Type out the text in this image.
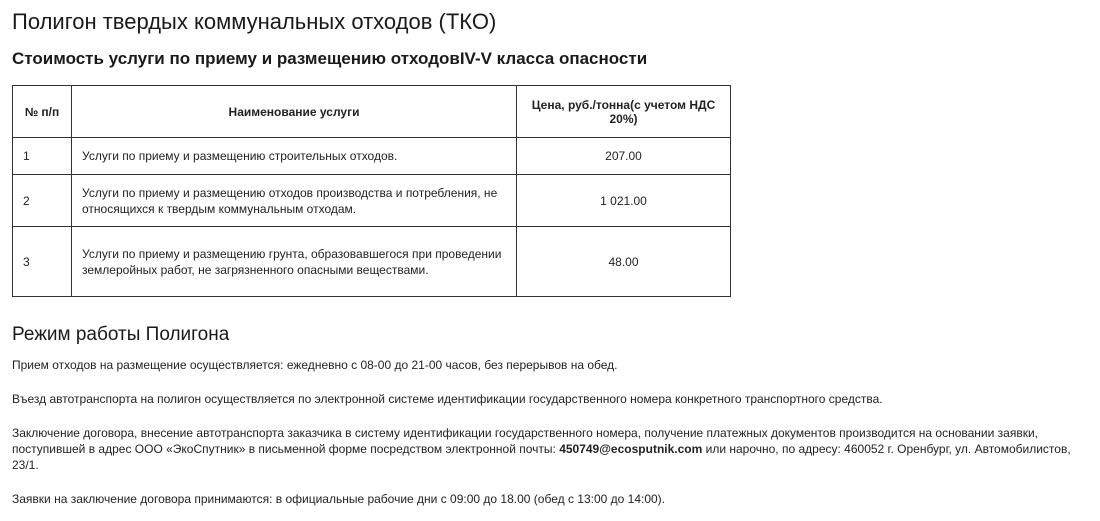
Полигон твердых коммунальных отходов (ТКО)
Стоимость услуги по приему и размещению отходовIV-V класса опасности
№ п/п	Наименование услуги	Цена, руб./тонна(с учетом НДС 20%)
1	Услуги по приему и размещению строительных отходов.	207.00
2	Услуги по приему и размещению отходов производства и потребления, не относящихся к твердым коммунальным отходам.	1 021.00
3	Услуги по приему и размещению грунта, образовавшегося при проведении землеройных работ, не загрязненного опасными веществами.	48.00
Режим работы Полигона

Прием отходов на размещение осуществляется: ежедневно с 08-00 до 21-00 часов, без перерывов на обед.

Въезд автотранспорта на полигон осуществляется по электронной системе идентификации государственного номера конкретного транспортного средства.

Заключение договора, внесение автотранспорта заказчика в систему идентификации государственного номера, получение платежных документов производится на основании заявки, поступившей в адрес ООО «ЭкоСпутник» в письменной форме посредством электронной почты: 450749@ecosputnik.com или нарочно, по адресу: 460052 г. Оренбург, ул. Автомобилистов, 23/1.

Заявки на заключение договора принимаются: в официальные рабочие дни с 09:00 до 18.00 (обед с 13:00 до 14:00).
